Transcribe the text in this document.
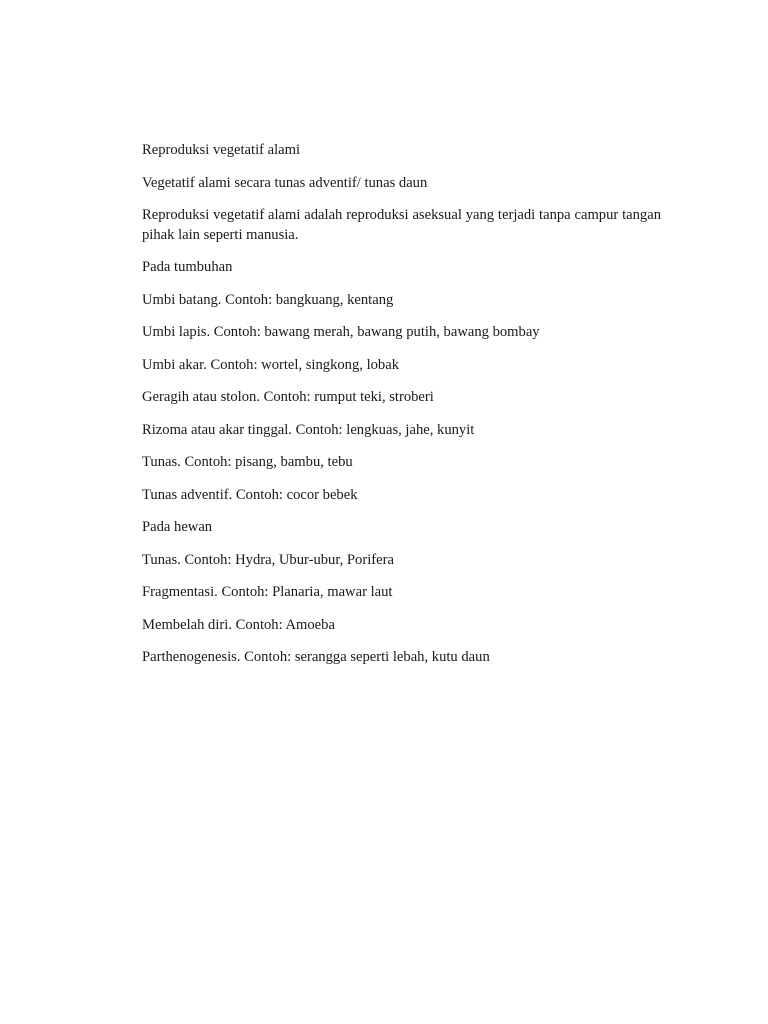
Reproduksi vegetatif alami

Vegetatif alami secara tunas adventif/ tunas daun

Reproduksi vegetatif alami adalah reproduksi aseksual yang terjadi tanpa campur tangan pihak lain seperti manusia.

Pada tumbuhan

Umbi batang. Contoh: bangkuang, kentang

Umbi lapis. Contoh: bawang merah, bawang putih, bawang bombay

Umbi akar. Contoh: wortel, singkong, lobak

Geragih atau stolon. Contoh: rumput teki, stroberi

Rizoma atau akar tinggal. Contoh: lengkuas, jahe, kunyit

Tunas. Contoh: pisang, bambu, tebu

Tunas adventif. Contoh: cocor bebek

Pada hewan

Tunas. Contoh: Hydra, Ubur-ubur, Porifera

Fragmentasi. Contoh: Planaria, mawar laut

Membelah diri. Contoh: Amoeba

Parthenogenesis. Contoh: serangga seperti lebah, kutu daun
